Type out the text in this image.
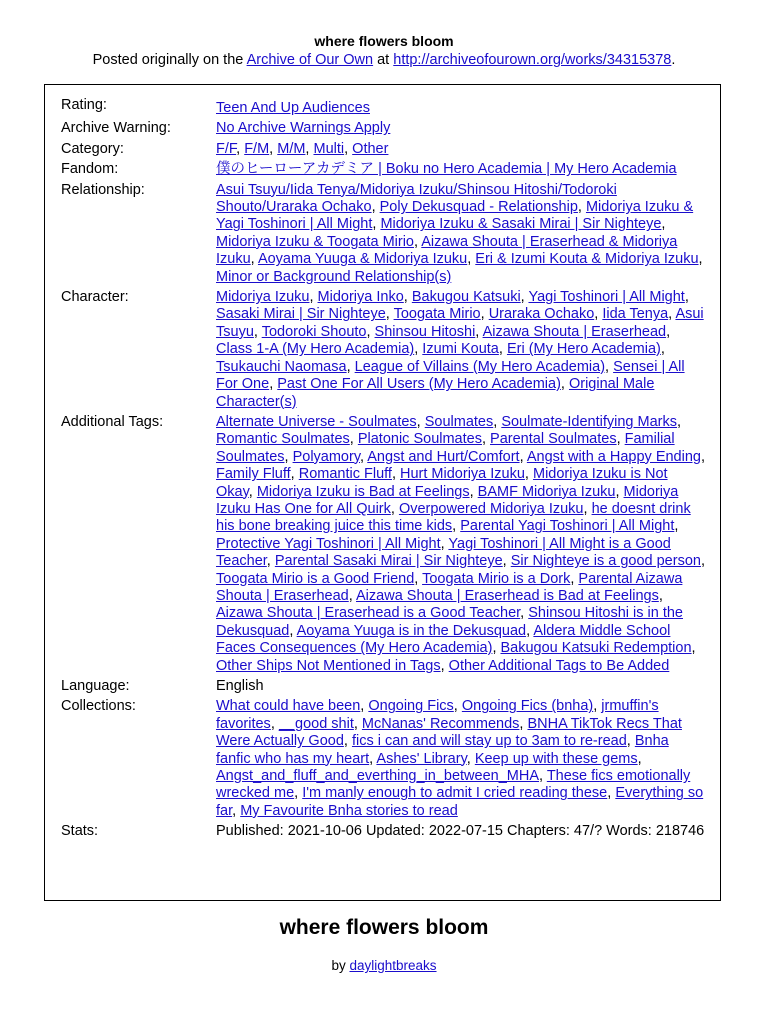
where flowers bloom
Posted originally on the Archive of Our Own at http://archiveofourown.org/works/34315378.
Rating:	Teen And Up Audiences
Archive Warning:	No Archive Warnings Apply
Category:	F/F, F/M, M/M, Multi, Other
Fandom:	僕のヒーローアカデミア | Boku no Hero Academia | My Hero Academia
Relationship:	Asui Tsuyu/Iida Tenya/Midoriya Izuku/Shinsou Hitoshi/Todoroki Shouto/Uraraka Ochako, Poly Dekusquad - Relationship, Midoriya Izuku & Yagi Toshinori | All Might, Midoriya Izuku & Sasaki Mirai | Sir Nighteye, Midoriya Izuku & Toogata Mirio, Aizawa Shouta | Eraserhead & Midoriya Izuku, Aoyama Yuuga & Midoriya Izuku, Eri & Izumi Kouta & Midoriya Izuku, Minor or Background Relationship(s)
Character:	Midoriya Izuku, Midoriya Inko, Bakugou Katsuki, Yagi Toshinori | All Might, Sasaki Mirai | Sir Nighteye, Toogata Mirio, Uraraka Ochako, Iida Tenya, Asui Tsuyu, Todoroki Shouto, Shinsou Hitoshi, Aizawa Shouta | Eraserhead, Class 1-A (My Hero Academia), Izumi Kouta, Eri (My Hero Academia), Tsukauchi Naomasa, League of Villains (My Hero Academia), Sensei | All For One, Past One For All Users (My Hero Academia), Original Male Character(s)
Additional Tags:	Alternate Universe - Soulmates, Soulmates, Soulmate-Identifying Marks, Romantic Soulmates, Platonic Soulmates, Parental Soulmates, Familial Soulmates, Polyamory, Angst and Hurt/Comfort, Angst with a Happy Ending, Family Fluff, Romantic Fluff, Hurt Midoriya Izuku, Midoriya Izuku is Not Okay, Midoriya Izuku is Bad at Feelings, BAMF Midoriya Izuku, Midoriya Izuku Has One for All Quirk, Overpowered Midoriya Izuku, he doesnt drink his bone breaking juice this time kids, Parental Yagi Toshinori | All Might, Protective Yagi Toshinori | All Might, Yagi Toshinori | All Might is a Good Teacher, Parental Sasaki Mirai | Sir Nighteye, Sir Nighteye is a good person, Toogata Mirio is a Good Friend, Toogata Mirio is a Dork, Parental Aizawa Shouta | Eraserhead, Aizawa Shouta | Eraserhead is Bad at Feelings, Aizawa Shouta | Eraserhead is a Good Teacher, Shinsou Hitoshi is in the Dekusquad, Aoyama Yuuga is in the Dekusquad, Aldera Middle School Faces Consequences (My Hero Academia), Bakugou Katsuki Redemption, Other Ships Not Mentioned in Tags, Other Additional Tags to Be Added
Language:	English
Collections:	What could have been, Ongoing Fics, Ongoing Fics (bnha), jrmuffin's favorites, __good shit, McNanas' Recommends, BNHA TikTok Recs That Were Actually Good, fics i can and will stay up to 3am to re-read, Bnha fanfic who has my heart, Ashes' Library, Keep up with these gems, Angst_and_fluff_and_everthing_in_between_MHA, These fics emotionally wrecked me, I'm manly enough to admit I cried reading these, Everything so far, My Favourite Bnha stories to read
Stats:	Published: 2021-10-06 Updated: 2022-07-15 Chapters: 47/? Words: 218746
where flowers bloom
by daylightbreaks
